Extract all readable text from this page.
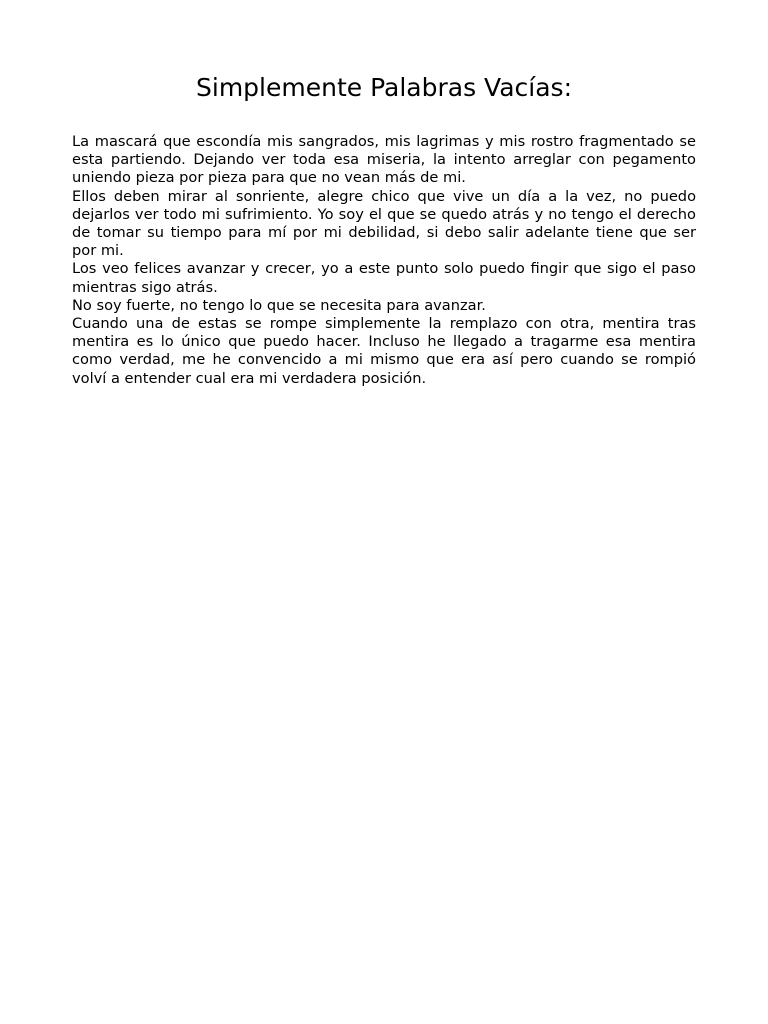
Simplemente Palabras Vacías:

La mascará que escondía mis sangrados, mis lagrimas y mis rostro fragmentado se esta partiendo. Dejando ver toda esa miseria, la intento arreglar con pegamento uniendo pieza por pieza para que no vean más de mi.

Ellos deben mirar al sonriente, alegre chico que vive un día a la vez, no puedo dejarlos ver todo mi sufrimiento. Yo soy el que se quedo atrás y no tengo el derecho de tomar su tiempo para mí por mi debilidad, si debo salir adelante tiene que ser por mi.

Los veo felices avanzar y crecer, yo a este punto solo puedo fingir que sigo el paso mientras sigo atrás.

No soy fuerte, no tengo lo que se necesita para avanzar.

Cuando una de estas se rompe simplemente la remplazo con otra, mentira tras mentira es lo único que puedo hacer. Incluso he llegado a tragarme esa mentira como verdad, me he convencido a mi mismo que era así pero cuando se rompió volví a entender cual era mi verdadera posición.
